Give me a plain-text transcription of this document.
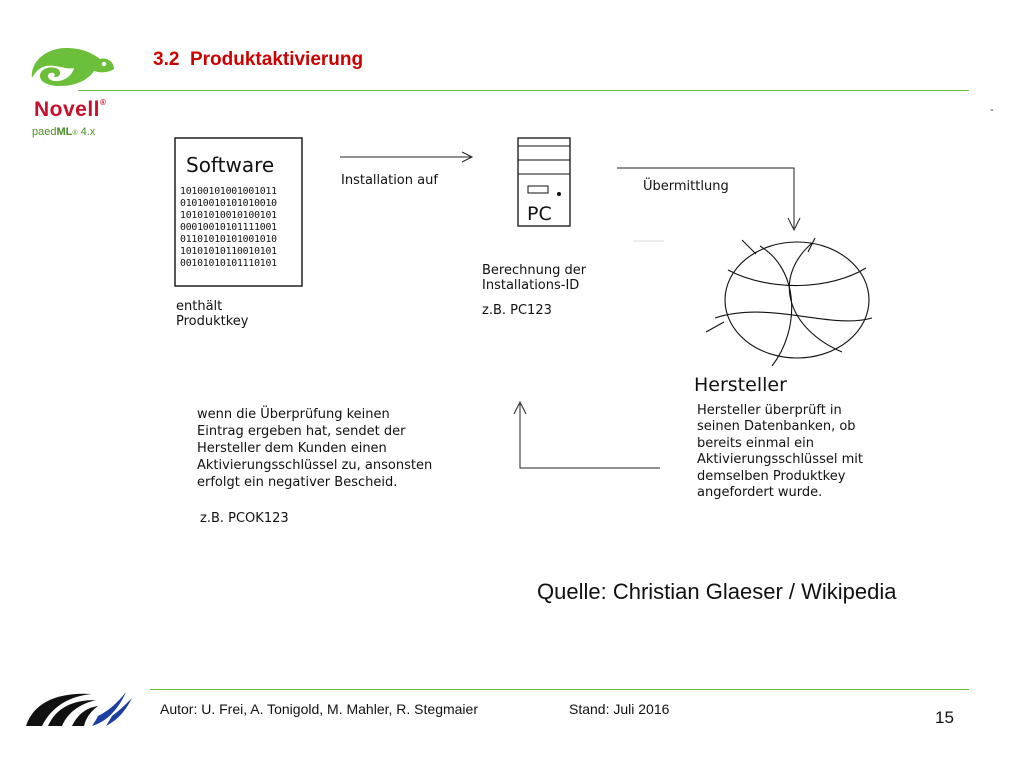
3.2  Produktaktivierung
-
Novell®
paedML® 4.x
Software
10100101001001011
01010010101010010
10101010010100101
00010010101111001
01101010101001010
10101010110010101
00101010101110101
enthält
Produktkey
Installation auf
PC
Berechnung der
Installations-ID
z.B. PC123
Übermittlung
Hersteller
Hersteller überprüft in
seinen Datenbanken, ob
bereits einmal ein
Aktivierungsschlüssel mit
demselben Produktkey
angefordert wurde.
wenn die Überprüfung keinen
Eintrag ergeben hat, sendet der
Hersteller dem Kunden einen
Aktivierungsschlüssel zu, ansonsten
erfolgt ein negativer Bescheid.
z.B. PCOK123
Quelle: Christian Glaeser / Wikipedia
Autor: U. Frei, A. Tonigold, M. Mahler, R. Stegmaier	Stand: Juli 2016	15
